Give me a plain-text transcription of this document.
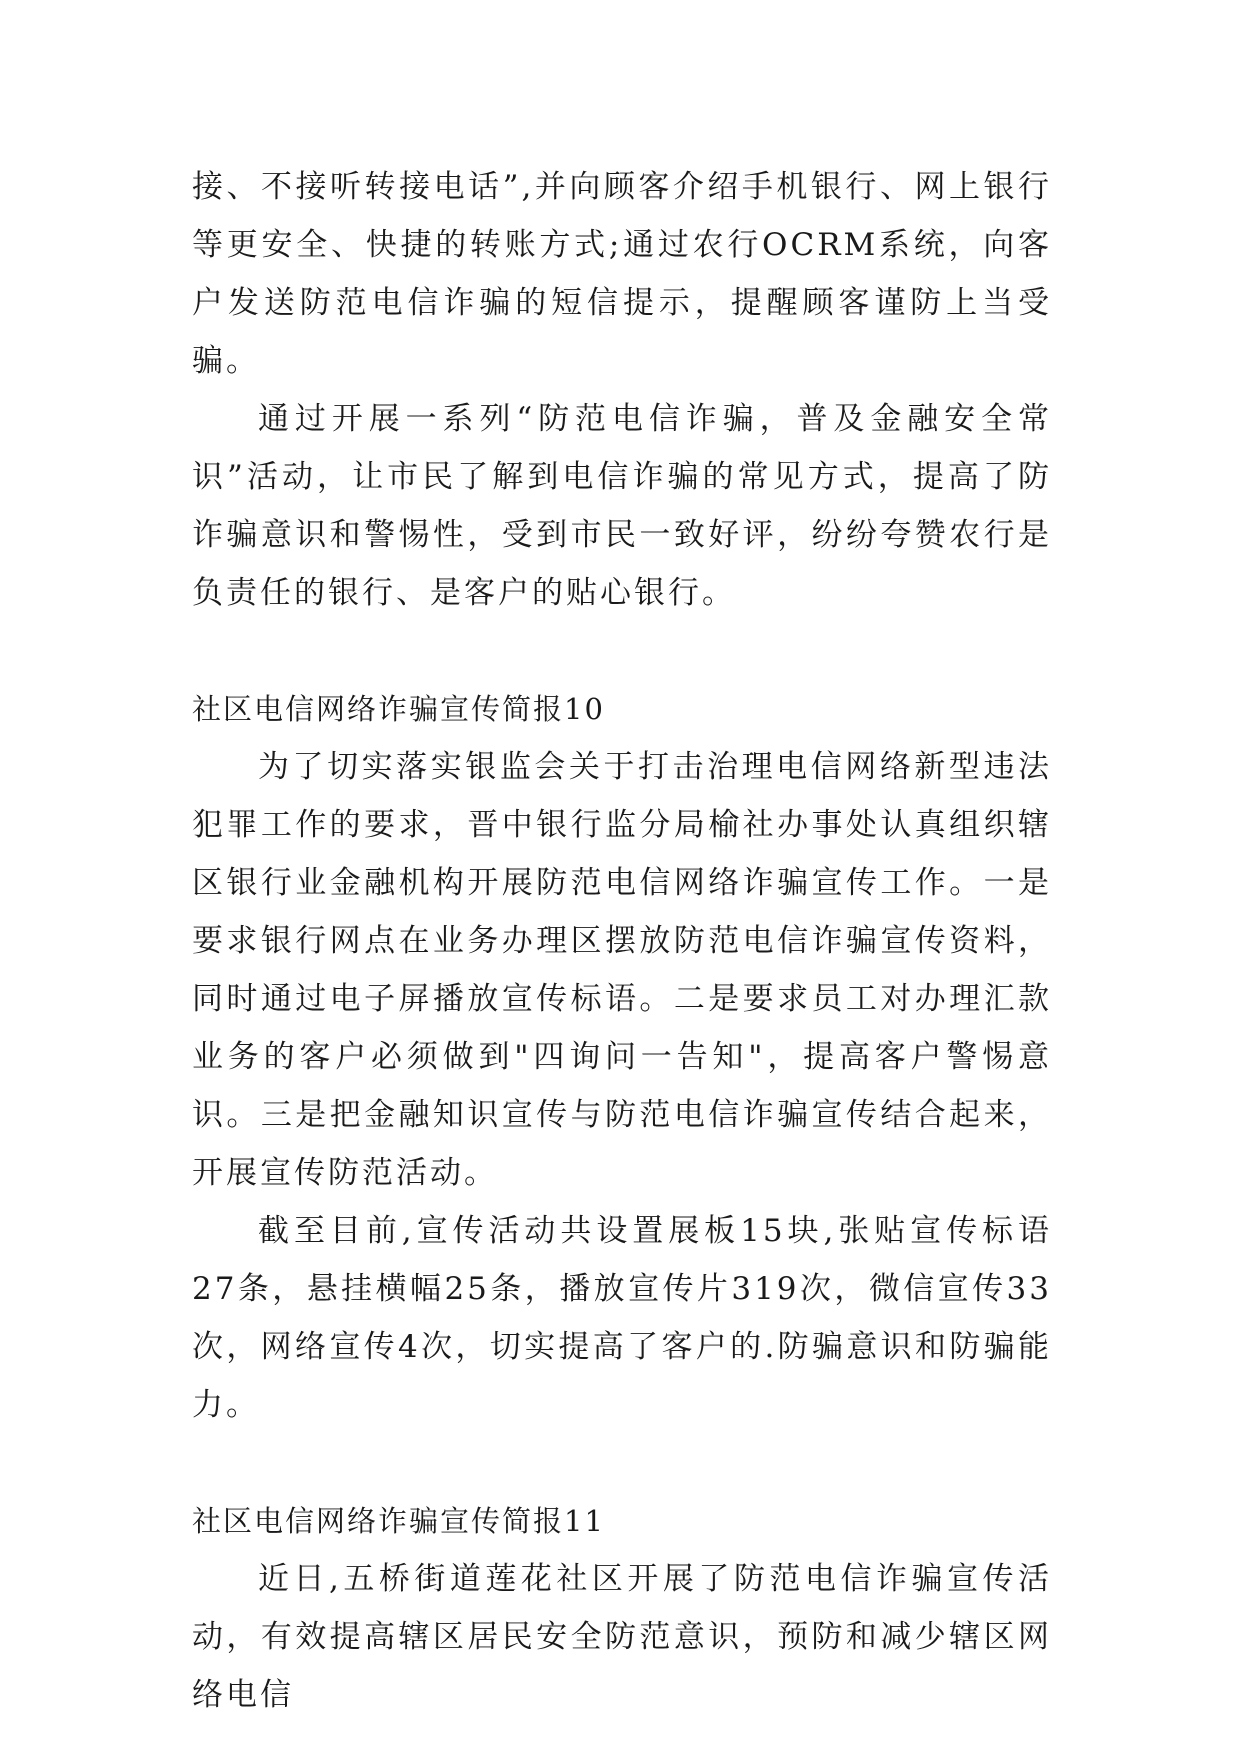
接、不接听转接电话”,并向顾客介绍手机银行、网上银行等更安全、快捷的转账方式;通过农行OCRM系统，向客户发送防范电信诈骗的短信提示，提醒顾客谨防上当受骗。

通过开展一系列“防范电信诈骗，普及金融安全常识”活动，让市民了解到电信诈骗的常见方式，提高了防诈骗意识和警惕性，受到市民一致好评，纷纷夸赞农行是负责任的银行、是客户的贴心银行。

社区电信网络诈骗宣传简报10

为了切实落实银监会关于打击治理电信网络新型违法犯罪工作的要求，晋中银行监分局榆社办事处认真组织辖区银行业金融机构开展防范电信网络诈骗宣传工作。一是要求银行网点在业务办理区摆放防范电信诈骗宣传资料，同时通过电子屏播放宣传标语。二是要求员工对办理汇款业务的客户必须做到"四询问一告知"，提高客户警惕意识。三是把金融知识宣传与防范电信诈骗宣传结合起来，开展宣传防范活动。

截至目前,宣传活动共设置展板15块,张贴宣传标语27条，悬挂横幅25条，播放宣传片319次，微信宣传33次，网络宣传4次，切实提高了客户的.防骗意识和防骗能力。

社区电信网络诈骗宣传简报11

近日,五桥街道莲花社区开展了防范电信诈骗宣传活动，有效提高辖区居民安全防范意识，预防和减少辖区网络电信
